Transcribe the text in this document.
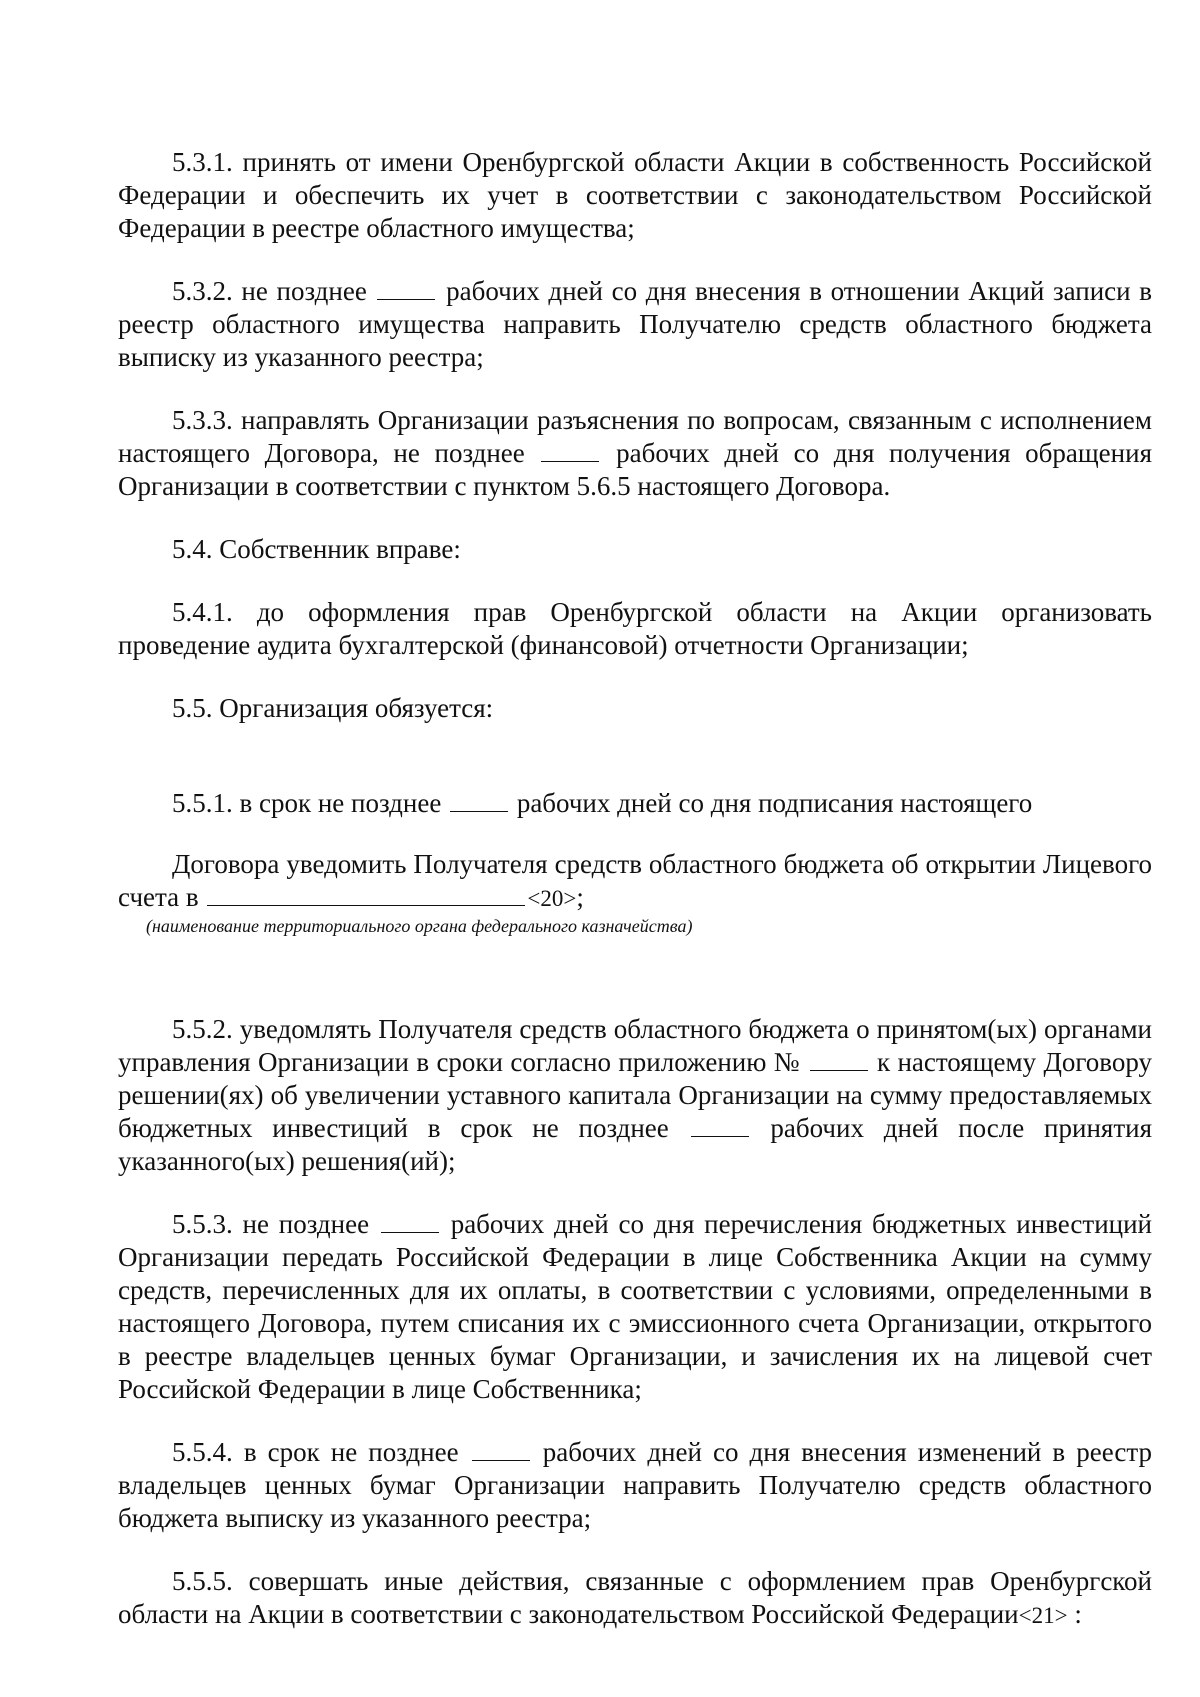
5.3.1. принять от имени Оренбургской области Акции в собственность Российской Федерации и обеспечить их учет в соответствии с законодательством Российской Федерации в реестре областного имущества;

5.3.2. не позднее  рабочих дней со дня внесения в отношении Акций записи в реестр областного имущества направить Получателю средств областного бюджета выписку из указанного реестра;

5.3.3. направлять Организации разъяснения по вопросам, связанным с исполнением настоящего Договора, не позднее  рабочих дней со дня получения обращения Организации в соответствии с пунктом 5.6.5 настоящего Договора.

5.4. Собственник вправе:

5.4.1. до оформления прав Оренбургской области на Акции организовать проведение аудита бухгалтерской (финансовой) отчетности Организации;

5.5. Организация обязуется:

5.5.1. в срок не позднее  рабочих дней со дня подписания настоящего

Договора уведомить Получателя средств областного бюджета об открытии Лицевого счета в	<20>;

(наименование территориального органа федерального казначейства)

5.5.2. уведомлять Получателя средств областного бюджета о принятом(ых) органами управления Организации в сроки согласно приложению №  к настоящему Договору решении(ях) об увеличении уставного капитала Организации на сумму предоставляемых бюджетных инвестиций в срок не позднее  рабочих дней после принятия указанного(ых) решения(ий);

5.5.3. не позднее  рабочих дней со дня перечисления бюджетных инвестиций Организации передать Российской Федерации в лице Собственника Акции на сумму средств, перечисленных для их оплаты, в соответствии с условиями, определенными в настоящего Договора, путем списания их с эмиссионного счета Организации, открытого в реестре владельцев ценных бумаг Организации, и зачисления их на лицевой счет Российской Федерации в лице Собственника;

5.5.4. в срок не позднее  рабочих дней со дня внесения изменений в реестр владельцев ценных бумаг Организации направить Получателю средств областного бюджета выписку из указанного реестра;

5.5.5. совершать иные действия, связанные с оформлением прав Оренбургской области на Акции в соответствии с законодательством Российской Федерации<21> :
